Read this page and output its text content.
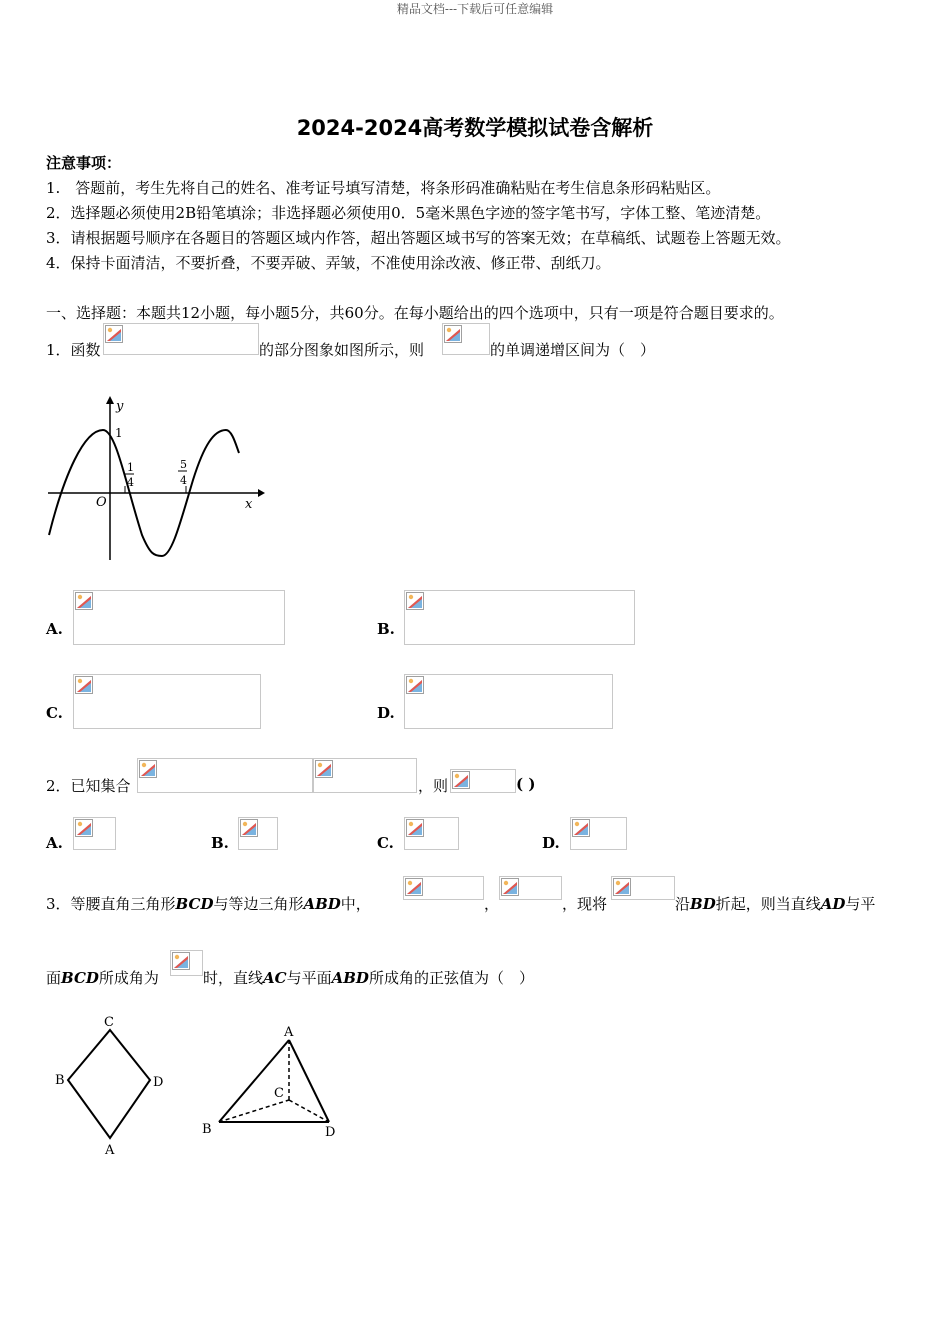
精品文档---下载后可任意编辑
2024-2024高考数学模拟试卷含解析
注意事项：
1.　答题前，考生先将自己的姓名、准考证号填写清楚，将条形码准确粘贴在考生信息条形码粘贴区。
2．选择题必须使用2B铅笔填涂；非选择题必须使用0．5毫米黑色字迹的签字笔书写，字体工整、笔迹清楚。
3．请根据题号顺序在各题目的答题区域内作答，超出答题区域书写的答案无效；在草稿纸、试题卷上答题无效。
4．保持卡面清洁，不要折叠，不要弄破、弄皱，不准使用涂改液、修正带、刮纸刀。
一、选择题：本题共12小题，每小题5分，共60分。在每小题给出的四个选项中，只有一项是符合题目要求的。
1．函数	的部分图象如图所示，则	的单调递增区间为（　）
y
x
O
1
1
4
5
4
A.	B.
C.	D.
2．已知集合	，则	( )
A.	B.	C.	D.
3．等腰直角三角形BCD与等边三角形ABD中，	，	，现将	沿BD折起，则当直线AD与平
面BCD所成角为	时，直线AC与平面ABD所成角的正弦值为（　）
C
B	D
A
A
B
C
D
